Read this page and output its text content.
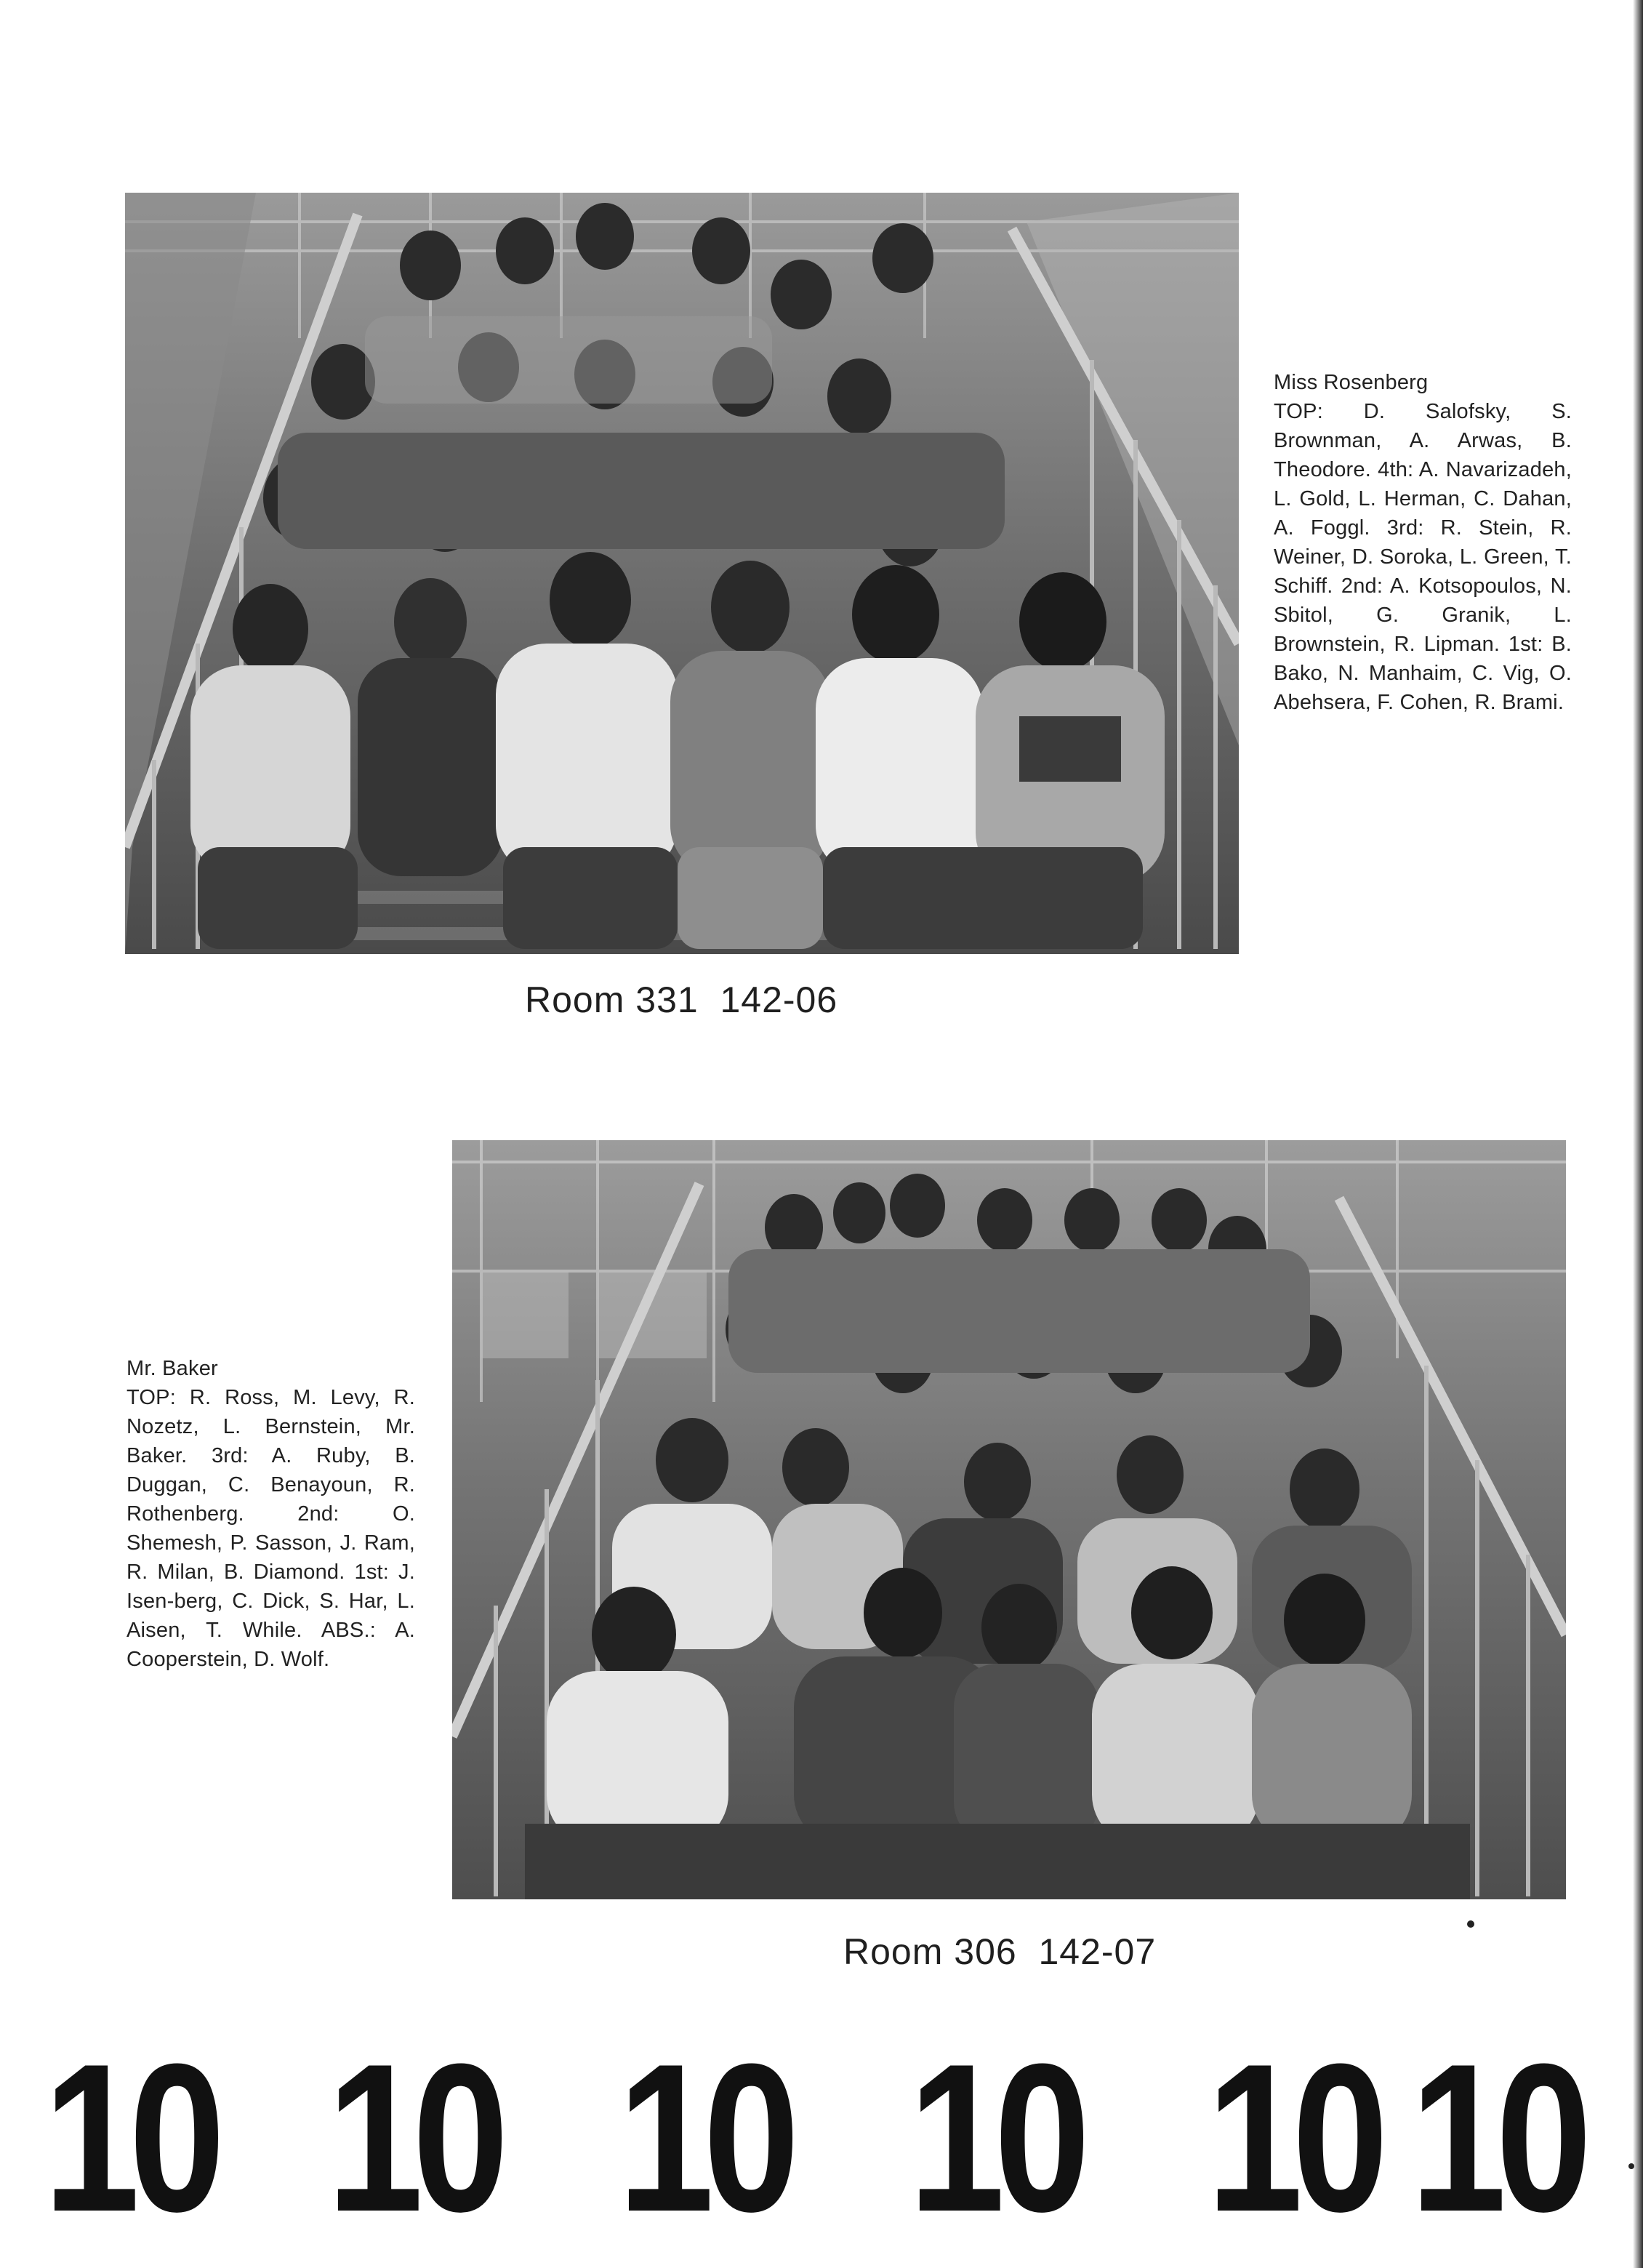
Miss Rosenberg
TOP: D. Salofsky, S. Brownman, A. Arwas, B. Theodore. 4th: A. Navarizadeh, L. Gold, L. Herman, C. Dahan, A. Foggl. 3rd: R. Stein, R. Weiner, D. Soroka, L. Green, T. Schiff. 2nd: A. Kotsopoulos, N. Sbitol, G. Granik, L. Brownstein, R. Lipman. 1st: B. Bako, N. Manhaim, C. Vig, O. Abehsera, F. Cohen, R. Brami.
Room 331  142-06
Mr. Baker
TOP: R. Ross, M. Levy, R. Nozetz, L. Bernstein, Mr. Baker. 3rd: A. Ruby, B. Duggan, C. Benayoun, R. Rothenberg. 2nd: O. Shemesh, P. Sasson, J. Ram, R. Milan, B. Diamond. 1st: J. Isen-berg, C. Dick, S. Har, L. Aisen, T. While. ABS.: A. Cooperstein, D. Wolf.
Room 306  142-07
10 10 10 10 10 10
